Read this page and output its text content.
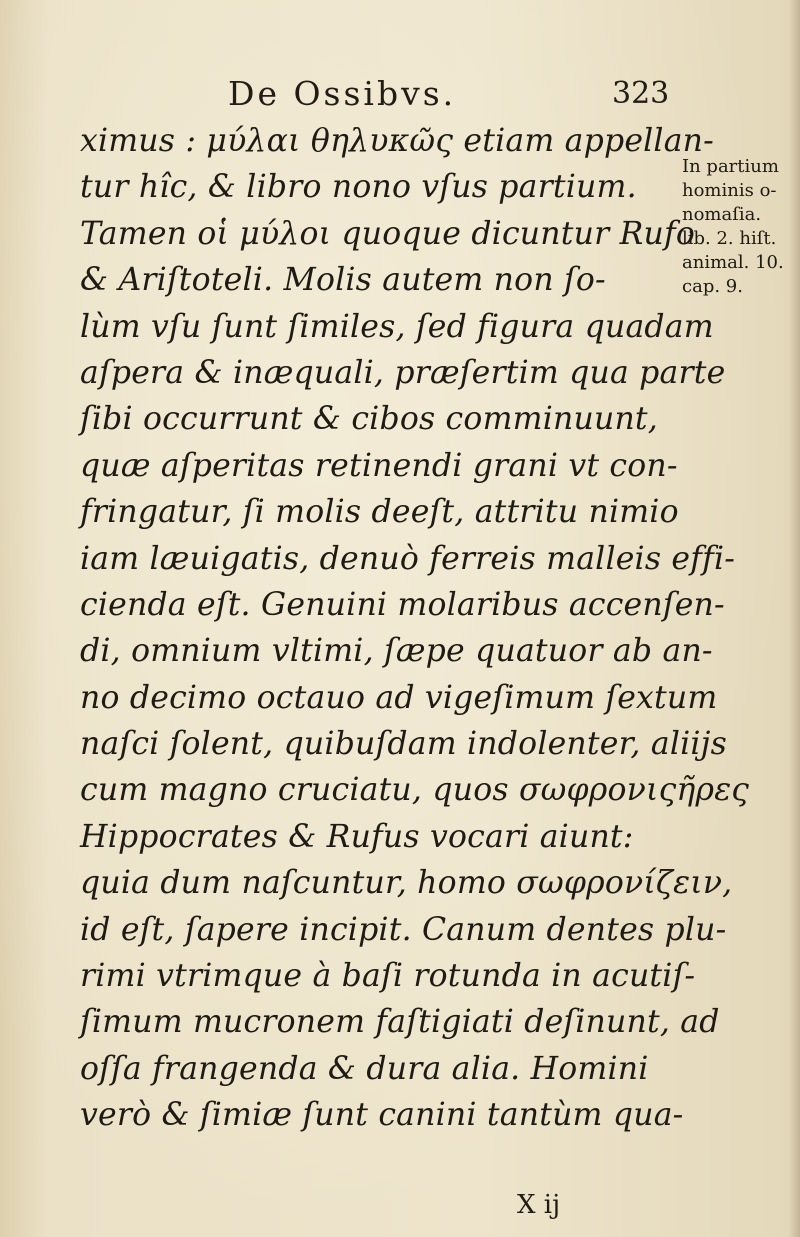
De Ossibvs.	323
ximus : μύλαι θηλυκῶς etiam appellan-
tur hîc, & libro nono vſus partium.
Tamen οἱ μύλοι quoque dicuntur Rufo
& Ariſtoteli. Molis autem non ſo-
lùm vſu ſunt ſimiles, ſed figura quadam
aſpera & inæquali, præſertim qua parte
ſibi occurrunt & cibos comminuunt,
quæ aſperitas retinendi grani vt con-
fringatur, ſi molis deeſt, attritu nimio
iam læuigatis, denuò ferreis malleis effi-
cienda eſt. Genuini molaribus accenſen-
di, omnium vltimi, ſæpe quatuor ab an-
no decimo octauo ad vigeſimum ſextum
naſci ſolent, quibuſdam indolenter, aliijs
cum magno cruciatu, quos σωφρονιςῆρες
Hippocrates & Rufus vocari aiunt:
quia dum naſcuntur, homo σωφρονίζειν,
id eſt, ſapere incipit. Canum dentes plu-
rimi vtrimque à baſi rotunda in acutiſ-
ſimum mucronem faſtigiati deſinunt, ad
oſſa frangenda & dura alia. Homini
verò & ſimiæ ſunt canini tantùm qua-
In partium
hominis o-
nomaſia.
lib. 2. hiſt.
animal. 10.
cap. 9.
X ij
